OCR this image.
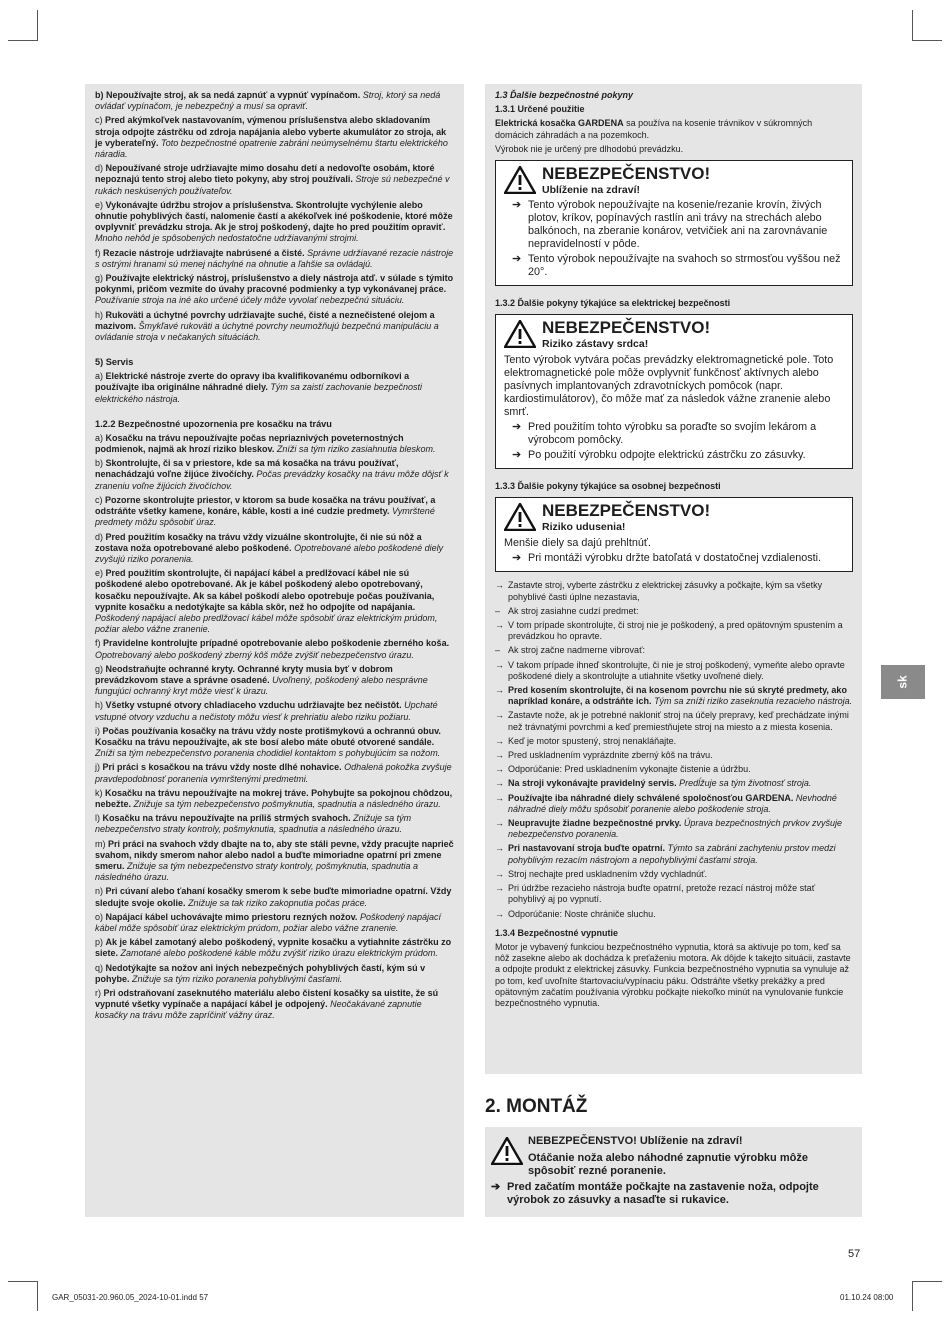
b) Nepoužívajte stroj, ak sa nedá zapnúť a vypnúť vypínačom. Stroj, ktorý sa nedá ovládať vypínačom, je nebezpečný a musí sa opraviť.
c) Pred akýmkoľvek nastavovaním, výmenou príslušenstva alebo skladovaním stroja odpojte zástrčku od zdroja napájania alebo vyberte akumulátor zo stroja, ak je vyberateľný. Toto bezpečnostné opatrenie zabráni neúmyselnému štartu elektrického náradia.
d) Nepoužívané stroje udržiavajte mimo dosahu detí a nedovoľte osobám, ktoré nepoznajú tento stroj alebo tieto pokyny, aby stroj používali. Stroje sú nebezpečné v rukách neskúsených používateľov.
e) Vykonávajte údržbu strojov a príslušenstva. Skontrolujte vychýlenie alebo ohnutie pohyblivých častí, nalomenie častí a akékoľvek iné poškodenie, ktoré môže ovplyvniť prevádzku stroja. Ak je stroj poškodený, dajte ho pred použitím opraviť. Mnoho nehôd je spôsobených nedostatočne udržiavanými strojmi.
f) Rezacie nástroje udržiavajte nabrúsené a čisté. Správne udržiavané rezacie nástroje s ostrými hranami sú menej náchylné na ohnutie a ľahšie sa ovládajú.
g) Používajte elektrický nástroj, príslušenstvo a diely nástroja atď. v súlade s týmito pokynmi, pričom vezmite do úvahy pracovné podmienky a typ vykonávanej práce. Používanie stroja na iné ako určené účely môže vyvolať nebezpečnú situáciu.
h) Rukoväti a úchytné povrchy udržiavajte suché, čisté a neznečistené olejom a mazivom. Šmykľavé rukoväti a úchytné povrchy neumožňujú bezpečnú manipuláciu a ovládanie stroja v nečakaných situáciách.
5) Servis
a) Elektrické nástroje zverte do opravy iba kvalifikovanému odborníkovi a používajte iba originálne náhradné diely. Tým sa zaistí zachovanie bezpečnosti elektrického nástroja.
1.2.2 Bezpečnostné upozornenia pre kosačku na trávu
a) Kosačku na trávu nepoužívajte počas nepriaznivých poveternostných podmienok, najmä ak hrozí riziko bleskov. Zníži sa tým riziko zasiahnutia bleskom.
b) Skontrolujte, či sa v priestore, kde sa má kosačka na trávu používať, nenachádzajú voľne žijúce živočíchy. Počas prevádzky kosačky na trávu môže dôjsť k zraneniu voľne žijúcich živočíchov.
c) Pozorne skontrolujte priestor, v ktorom sa bude kosačka na trávu používať, a odstráňte všetky kamene, konáre, káble, kosti a iné cudzie predmety. Vymrštené predmety môžu spôsobiť úraz.
d) Pred použitím kosačky na trávu vždy vizuálne skontrolujte, či nie sú nôž a zostava noža opotrebované alebo poškodené. Opotrebované alebo poškodené diely zvyšujú riziko poranenia.
e) Pred použitím skontrolujte, či napájací kábel a predlžovací kábel nie sú poškodené alebo opotrebované. Ak je kábel poškodený alebo opotrebovaný, kosačku nepoužívajte. Ak sa kábel poškodí alebo opotrebuje počas používania, vypnite kosačku a nedotýkajte sa kábla skôr, než ho odpojíte od napájania. Poškodený napájací alebo predlžovací kábel môže spôsobiť úraz elektrickým prúdom, požiar alebo vážne zranenie.
f) Pravidelne kontrolujte prípadné opotrebovanie alebo poškodenie zberného koša. Opotrebovaný alebo poškodený zberný kôš môže zvýšiť nebezpečenstvo úrazu.
g) Neodstraňujte ochranné kryty. Ochranné kryty musia byť v dobrom prevádzkovom stave a správne osadené. Uvoľnený, poškodený alebo nesprávne fungujúci ochranný kryt môže viesť k úrazu.
h) Všetky vstupné otvory chladiaceho vzduchu udržiavajte bez nečistôt. Upchaté vstupné otvory vzduchu a nečistoty môžu viesť k prehriatiu alebo riziku požiaru.
i) Počas používania kosačky na trávu vždy noste protišmykovú a ochrannú obuv. Kosačku na trávu nepoužívajte, ak ste bosí alebo máte obuté otvorené sandále. Zníži sa tým nebezpečenstvo poranenia chodidiel kontaktom s pohybujúcim sa nožom.
j) Pri práci s kosačkou na trávu vždy noste dlhé nohavice. Odhalená pokožka zvyšuje pravdepodobnosť poranenia vymrštenými predmetmi.
k) Kosačku na trávu nepoužívajte na mokrej tráve. Pohybujte sa pokojnou chôdzou, nebežte. Znižuje sa tým nebezpečenstvo pošmyknutia, spadnutia a následného úrazu.
l) Kosačku na trávu nepoužívajte na príliš strmých svahoch. Znižuje sa tým nebezpečenstvo straty kontroly, pošmyknutia, spadnutia a následného úrazu.
m) Pri práci na svahoch vždy dbajte na to, aby ste stáli pevne, vždy pracujte naprieč svahom, nikdy smerom nahor alebo nadol a buďte mimoriadne opatrní pri zmene smeru. Znižuje sa tým nebezpečenstvo straty kontroly, pošmyknutia, spadnutia a následného úrazu.
n) Pri cúvaní alebo ťahaní kosačky smerom k sebe buďte mimoriadne opatrní. Vždy sledujte svoje okolie. Znižuje sa tak riziko zakopnutia počas práce.
o) Napájací kábel uchovávajte mimo priestoru rezných nožov. Poškodený napájací kábel môže spôsobiť úraz elektrickým prúdom, požiar alebo vážne zranenie.
p) Ak je kábel zamotaný alebo poškodený, vypnite kosačku a vytiahnite zástrčku zo siete. Zamotané alebo poškodené káble môžu zvýšiť riziko úrazu elektrickým prúdom.
q) Nedotýkajte sa nožov ani iných nebezpečných pohyblivých častí, kým sú v pohybe. Znižuje sa tým riziko poranenia pohyblivými časťami.
r) Pri odstraňovaní zaseknutého materiálu alebo čistení kosačky sa uistite, že sú vypnuté všetky vypínače a napájací kábel je odpojený. Neočakávané zapnutie kosačky na trávu môže zapríčiniť vážny úraz.
1.3 Ďalšie bezpečnostné pokyny
1.3.1 Určené použitie
Elektrická kosačka GARDENA sa používa na kosenie trávnikov v súkromných domácich záhradách a na pozemkoch.
Výrobok nie je určený pre dlhodobú prevádzku.
NEBEZPEČENSTVO!
Ublíženie na zdraví!
➔ Tento výrobok nepoužívajte na kosenie/rezanie krovín, živých plotov, kríkov, popínavých rastlín ani trávy na strechách alebo balkónoch, na zberanie konárov, vetvičiek ani na zarovnávanie nepravidelností v pôde.
➔ Tento výrobok nepoužívajte na svahoch so strmosťou vyššou než 20°.
1.3.2 Ďalšie pokyny týkajúce sa elektrickej bezpečnosti
NEBEZPEČENSTVO!
Riziko zástavy srdca!
Tento výrobok vytvára počas prevádzky elektromagnetické pole. Toto elektromagnetické pole môže ovplyvniť funkčnosť aktívnych alebo pasívnych implantovaných zdravotníckych pomôcok (napr. kardiostimulátorov), čo môže mať za následok vážne zranenie alebo smrť.
➔ Pred použitím tohto výrobku sa poraďte so svojím lekárom a výrobcom pomôcky.
➔ Po použití výrobku odpojte elektrickú zástrčku zo zásuvky.
1.3.3 Ďalšie pokyny týkajúce sa osobnej bezpečnosti
NEBEZPEČENSTVO!
Riziko udusenia!
Menšie diely sa dajú prehltnúť.
➔ Pri montáži výrobku držte batoľatá v dostatočnej vzdialenosti.
→ Zastavte stroj, vyberte zástrčku z elektrickej zásuvky a počkajte, kým sa všetky pohyblivé časti úplne nezastavia,
– Ak stroj zasiahne cudzí predmet:
→ V tom prípade skontrolujte, či stroj nie je poškodený, a pred opätovným spustením a prevádzkou ho opravte.
– Ak stroj začne nadmerne vibrovať:
→ V takom prípade ihneď skontrolujte, či nie je stroj poškodený, vymeňte alebo opravte poškodené diely a skontrolujte a utiahnite všetky uvoľnené diely.
→ Pred kosením skontrolujte, či na kosenom povrchu nie sú skryté predmety, ako napríklad konáre, a odstráňte ich. Tým sa zníži riziko zaseknutia rezacieho nástroja.
→ Zastavte nože, ak je potrebné nakloniť stroj na účely prepravy, keď prechádzate inými než trávnatými povrchmi a keď premiestňujete stroj na miesto a z miesta kosenia.
→ Keď je motor spustený, stroj nenakláňajte.
→ Pred uskladnením vyprázdnite zberný kôš na trávu.
→ Odporúčanie: Pred uskladnením vykonajte čistenie a údržbu.
→ Na stroji vykonávajte pravidelný servis. Predĺžuje sa tým životnosť stroja.
→ Používajte iba náhradné diely schválené spoločnosťou GARDENA. Nevhodné náhradné diely môžu spôsobiť poranenie alebo poškodenie stroja.
→ Neupravujte žiadne bezpečnostné prvky. Úprava bezpečnostných prvkov zvyšuje nebezpečenstvo poranenia.
→ Pri nastavovaní stroja buďte opatrní. Týmto sa zabráni zachyteniu prstov medzi pohyblivým rezacím nástrojom a nepohyblivými časťami stroja.
→ Stroj nechajte pred uskladnením vždy vychladnúť.
→ Pri údržbe rezacieho nástroja buďte opatrní, pretože rezací nástroj môže stať pohyblivý aj po vypnutí.
→ Odporúčanie: Noste chrániče sluchu.
1.3.4 Bezpečnostné vypnutie
Motor je vybavený funkciou bezpečnostného vypnutia, ktorá sa aktivuje po tom, keď sa nôž zasekne alebo ak dochádza k preťaženiu motora. Ak dôjde k takejto situácii, zastavte a odpojte produkt z elektrickej zásuvky. Funkcia bezpečnostného vypnutia sa vynuluje až po tom, keď uvoľníte štartovaciu/vypínaciu páku. Odstráňte všetky prekážky a pred opätovným začatím používania výrobku počkajte niekoľko minút na vynulovanie funkcie bezpečnostného vypnutia.
2. MONTÁŽ
NEBEZPEČENSTVO! Ublíženie na zdraví!
Otáčanie noža alebo náhodné zapnutie výrobku môže spôsobiť rezné poranenie.
➔ Pred začatím montáže počkajte na zastavenie noža, odpojte výrobok zo zásuvky a nasaďte si rukavice.
sk
57
GAR_05031-20.960.05_2024-10-01.indd 57	01.10.24 08:00
